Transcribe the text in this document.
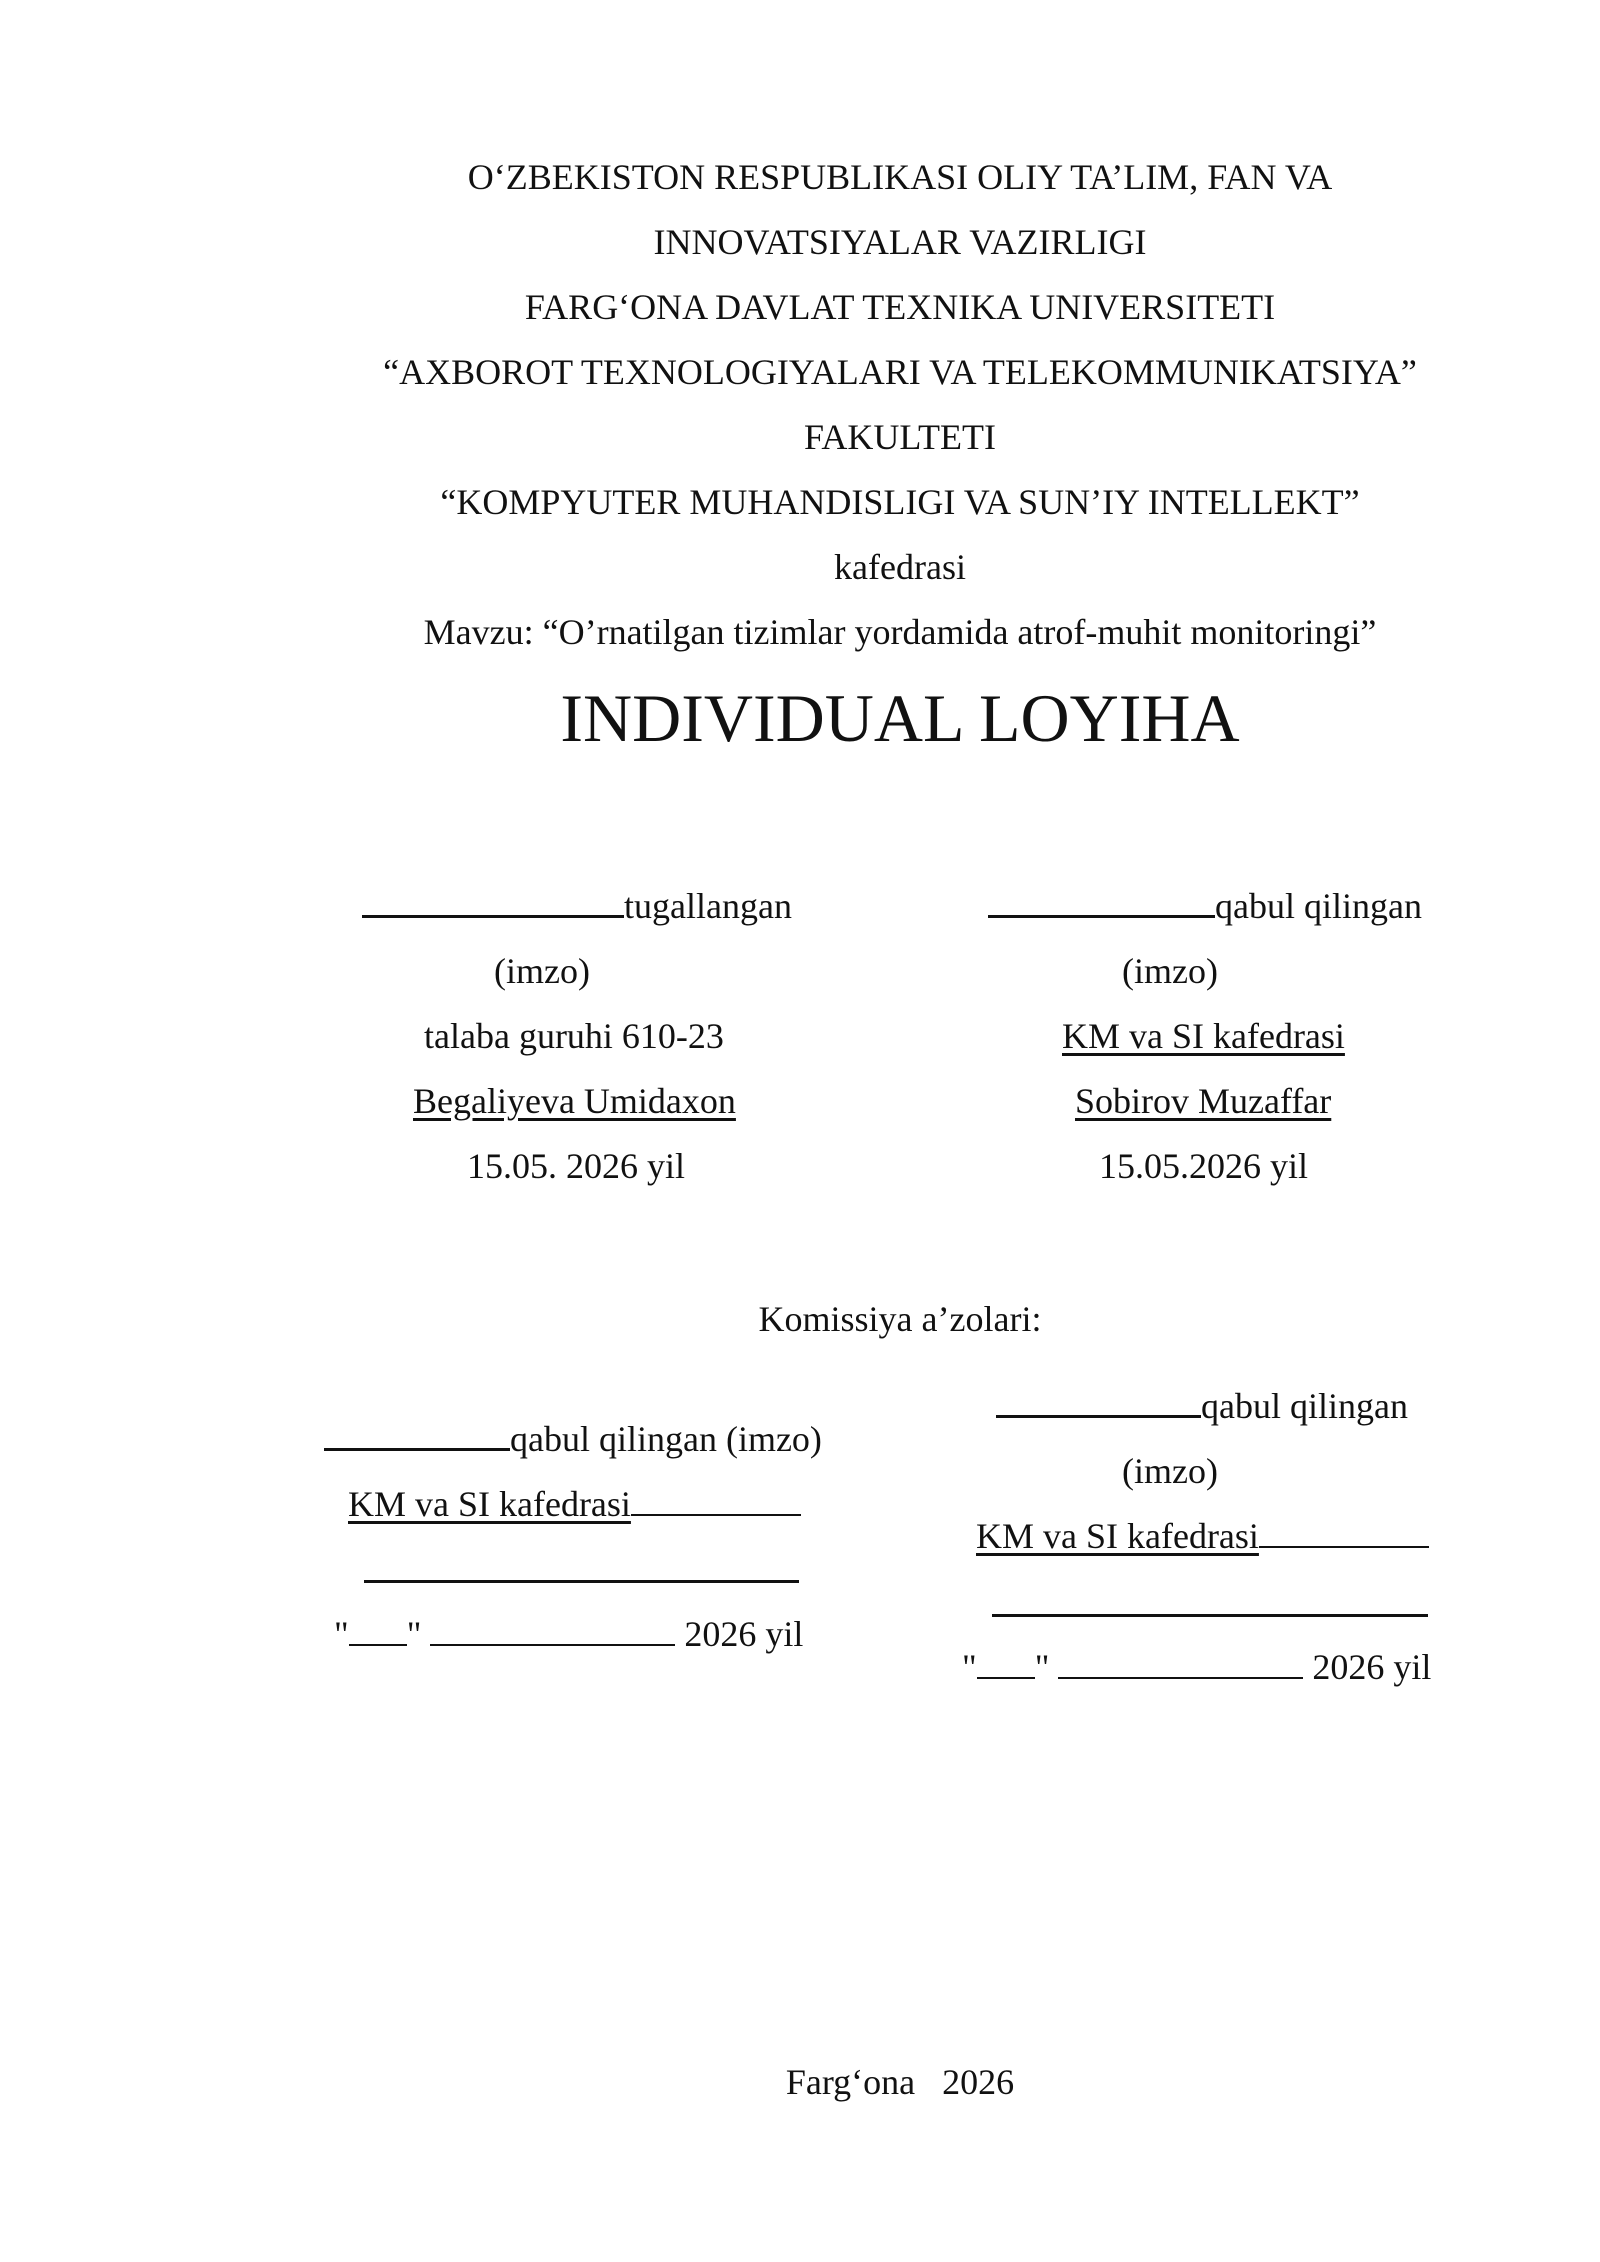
O‘ZBEKISTON RESPUBLIKASI OLIY TA’LIM, FAN VA
INNOVATSIYALAR VAZIRLIGI
FARG‘ONA DAVLAT TEXNIKA UNIVERSITETI
“AXBOROT TEXNOLOGIYALARI VA TELEKOMMUNIKATSIYA”
FAKULTETI
“KOMPYUTER MUHANDISLIGI VA SUN’IY INTELLEKT”
kafedrasi
Mavzu: “O’rnatilgan tizimlar yordamida atrof-muhit monitoringi”
INDIVIDUAL LOYIHA
tugallangan
(imzo)
talaba guruhi 610-23
Begaliyeva Umidaxon
15.05. 2026 yil
qabul qilingan
(imzo)
KM va SI kafedrasi
Sobirov Muzaffar
15.05.2026 yil
Komissiya a’zolari:
qabul qilingan (imzo)
KM va SI kafedrasi
" "	2026 yil
qabul qilingan
(imzo)
KM va SI kafedrasi
" "	2026 yil
Farg‘ona   2026
